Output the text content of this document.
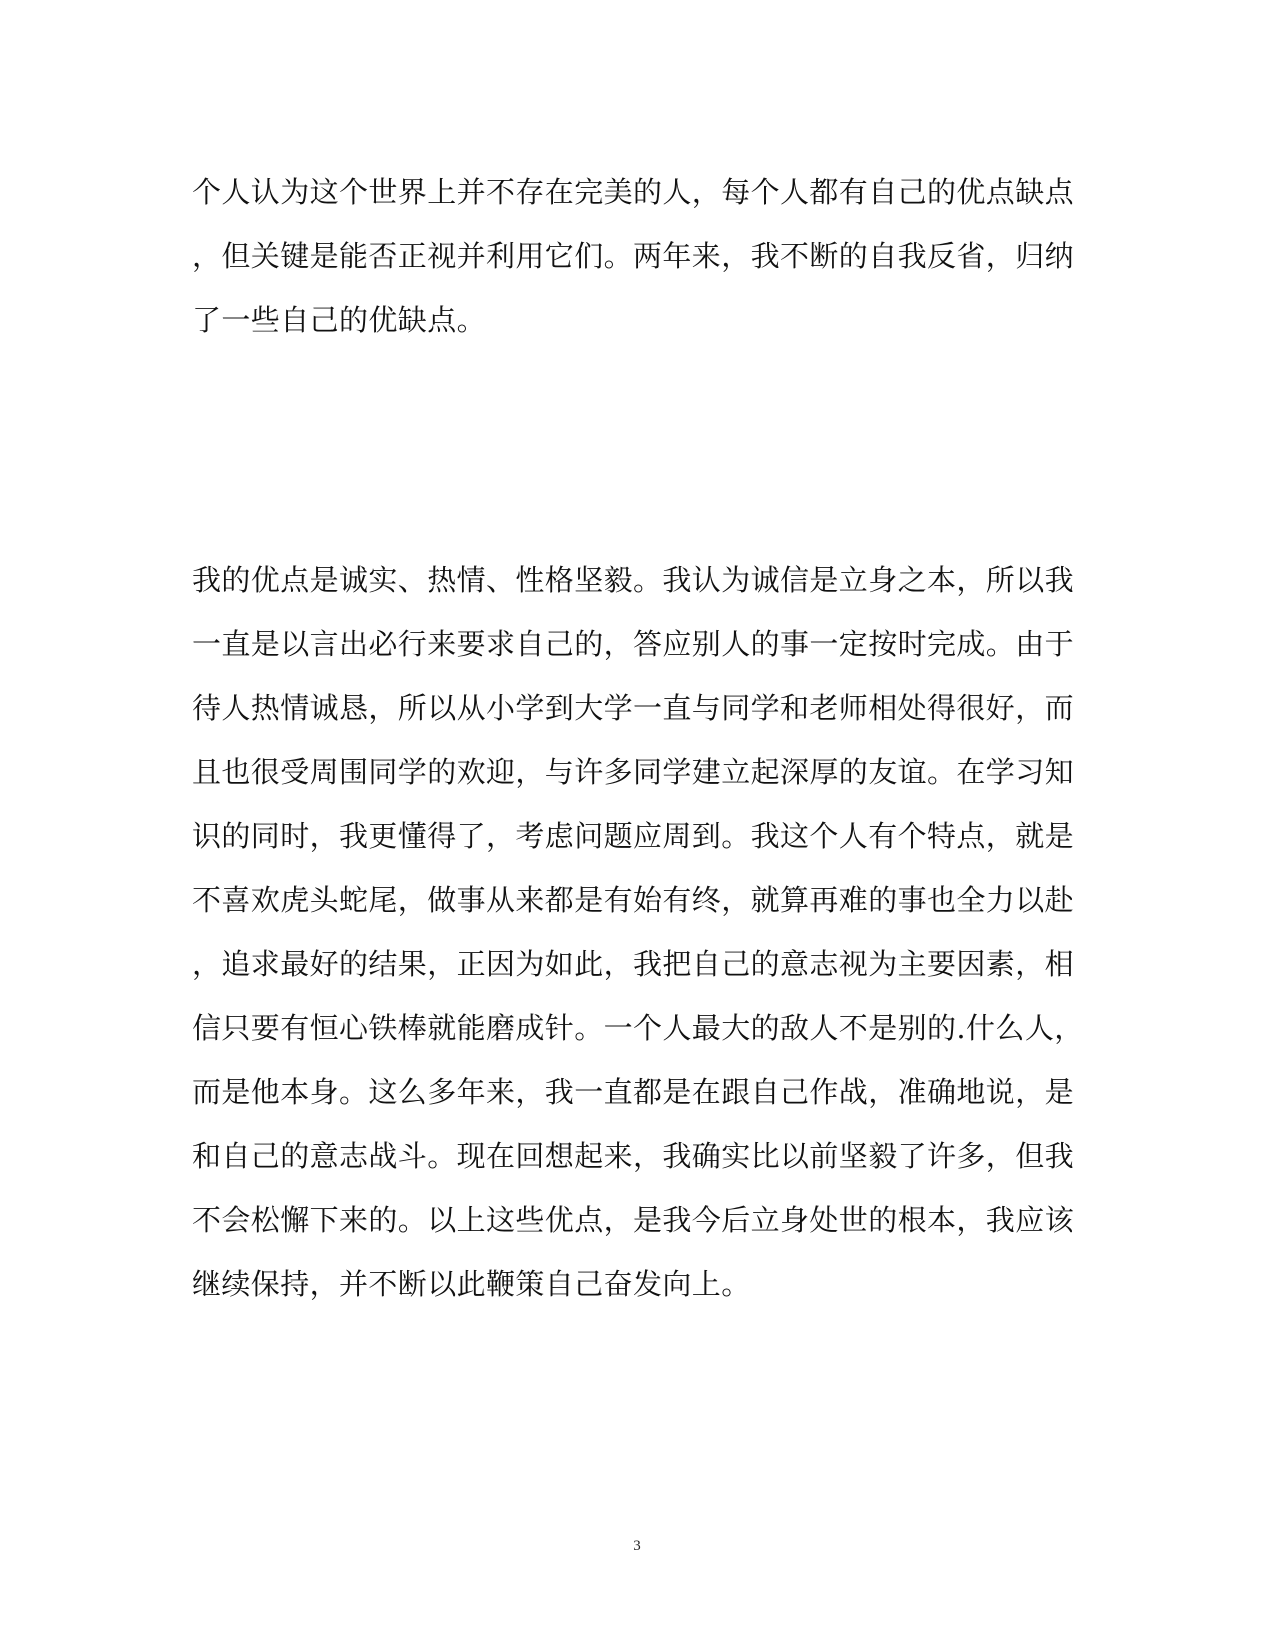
个人认为这个世界上并不存在完美的人，每个人都有自己的优点缺点
，但关键是能否正视并利用它们。两年来，我不断的自我反省，归纳
了一些自己的优缺点。
我的优点是诚实、热情、性格坚毅。我认为诚信是立身之本，所以我
一直是以言出必行来要求自己的，答应别人的事一定按时完成。由于
待人热情诚恳，所以从小学到大学一直与同学和老师相处得很好，而
且也很受周围同学的欢迎，与许多同学建立起深厚的友谊。在学习知
识的同时，我更懂得了，考虑问题应周到。我这个人有个特点，就是
不喜欢虎头蛇尾，做事从来都是有始有终，就算再难的事也全力以赴
，追求最好的结果，正因为如此，我把自己的意志视为主要因素，相
信只要有恒心铁棒就能磨成针。一个人最大的敌人不是别的.什么人，
而是他本身。这么多年来，我一直都是在跟自己作战，准确地说，是
和自己的意志战斗。现在回想起来，我确实比以前坚毅了许多，但我
不会松懈下来的。以上这些优点，是我今后立身处世的根本，我应该
继续保持，并不断以此鞭策自己奋发向上。
3
